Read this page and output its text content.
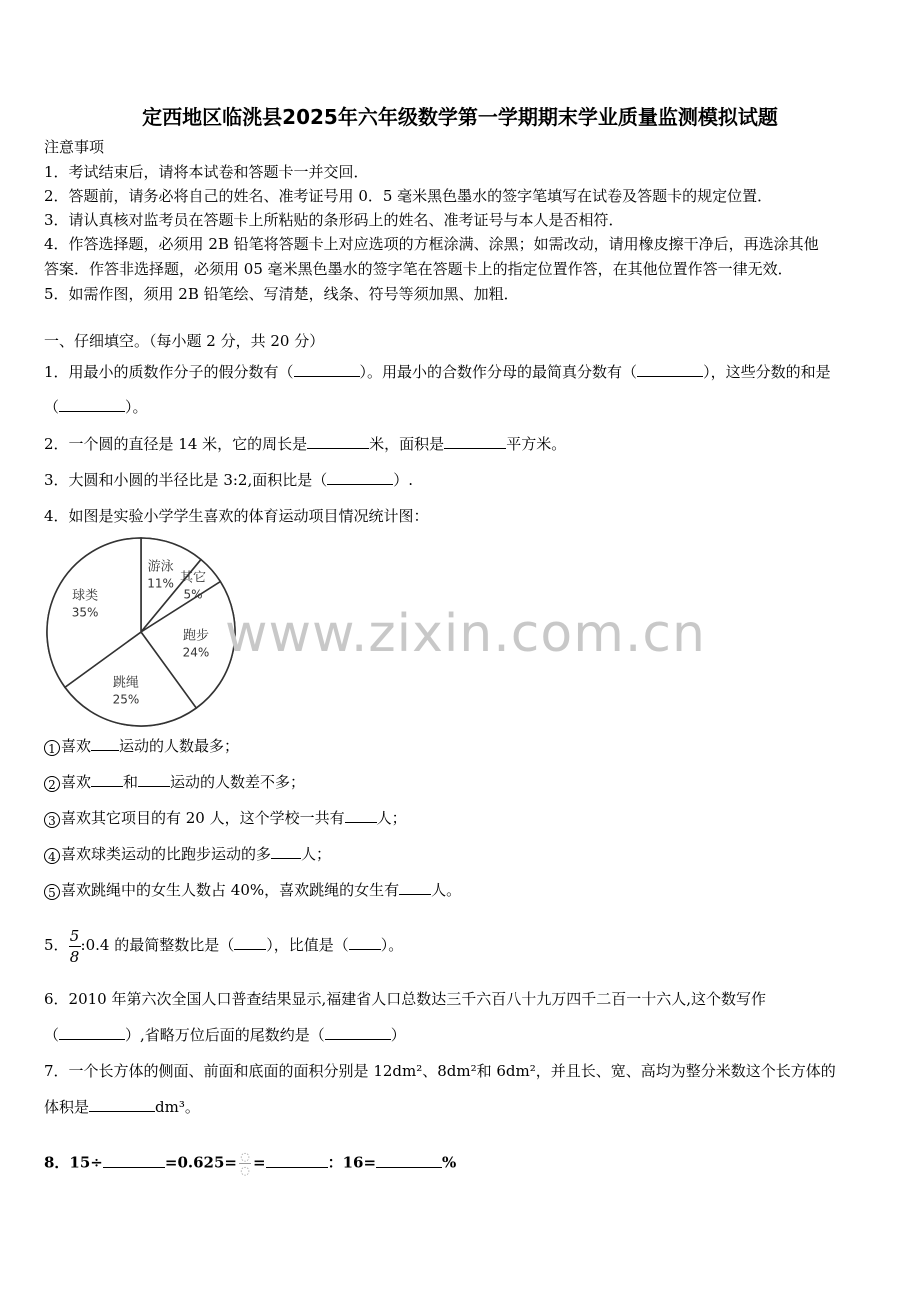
定西地区临洮县2025年六年级数学第一学期期末学业质量监测模拟试题
注意事项
1．考试结束后，请将本试卷和答题卡一并交回．
2．答题前，请务必将自己的姓名、准考证号用 0．5 毫米黑色墨水的签字笔填写在试卷及答题卡的规定位置．
3．请认真核对监考员在答题卡上所粘贴的条形码上的姓名、准考证号与本人是否相符．
4．作答选择题，必须用 2B 铅笔将答题卡上对应选项的方框涂满、涂黑；如需改动，请用橡皮擦干净后，再选涂其他
答案．作答非选择题，必须用 05 毫米黑色墨水的签字笔在答题卡上的指定位置作答，在其他位置作答一律无效．
5．如需作图，须用 2B 铅笔绘、写清楚，线条、符号等须加黑、加粗．
一、仔细填空。（每小题 2 分，共 20 分）
1．用最小的质数作分子的假分数有（	）。用最小的合数作分母的最简真分数有（	），这些分数的和是
（	）。
2．一个圆的直径是 14 米，它的周长是	米，面积是	平方米。
3．大圆和小圆的半径比是 3:2,面积比是（	）.
4．如图是实验小学学生喜欢的体育运动项目情况统计图：
游泳
11% 其它
5%
跑步
24%
跳绳
25%
球类
35% www.zixin.com.cn
1 喜欢 运动的人数最多；
2 喜欢 和 运动的人数差不多；
3 喜欢其它项目的有 20 人，这个学校一共有 人；
4 喜欢球类运动的比跑步运动的多 人；
5 喜欢跳绳中的女生人数占 40%，喜欢跳绳的女生有 人。
5． $\frac{5}{8}$ :0.4 的最简整数比是（ ），比值是（ ）。
6．2010 年第六次全国人口普查结果显示,福建省人口总数达三千六百八十九万四千二百一十六人,这个数写作
（	）,省略万位后面的尾数约是（	）
7．一个长方体的侧面、前面和底面的面积分别是 12dm²、8dm²和 6dm²，并且长、宽、高均为整分米数这个长方体的
体积是	dm³。
8．15÷	$=0.625= \frac{◌}{◌}$ =	：16=	%
